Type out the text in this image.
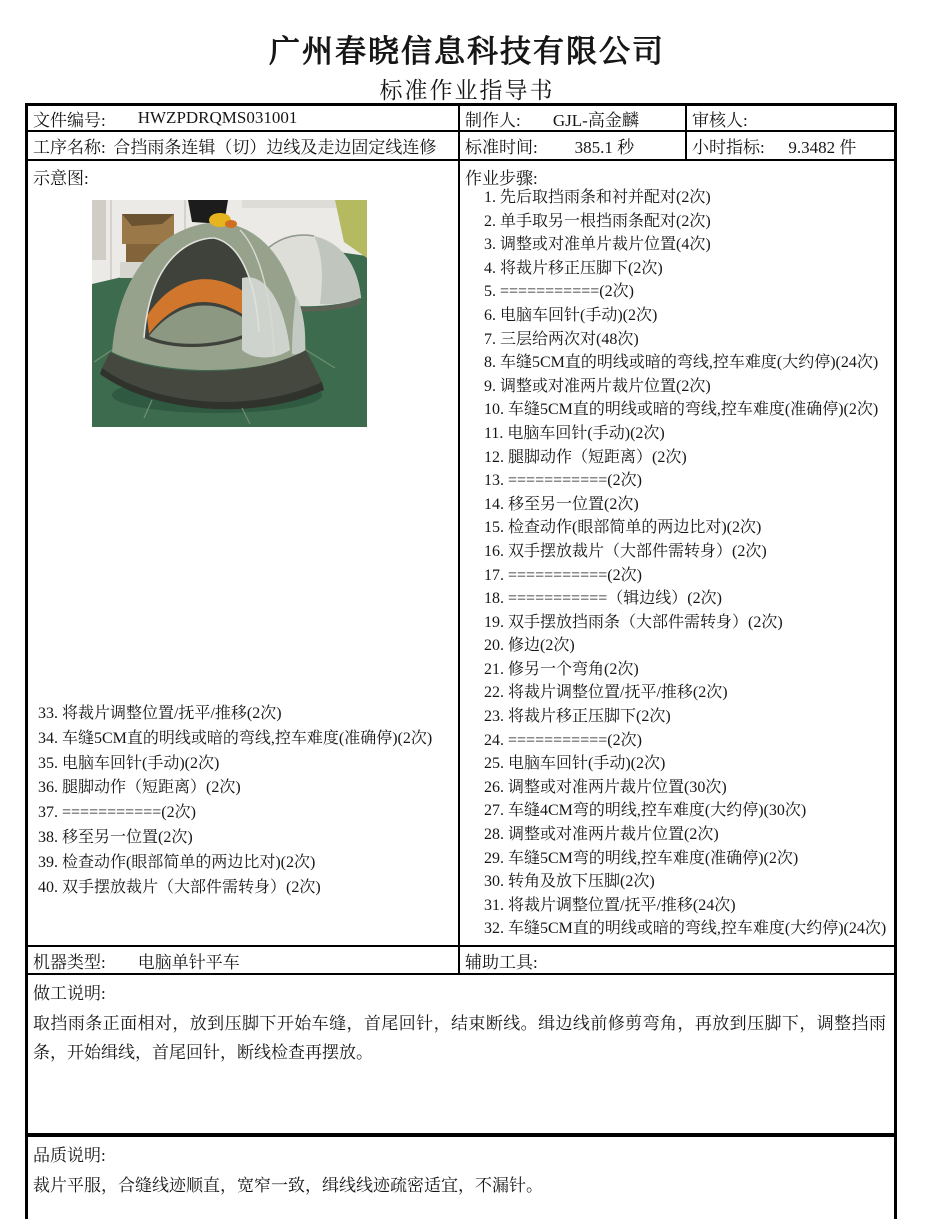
广州春晓信息科技有限公司
标准作业指导书
文件编号:	HWZPDRQMS031001	制作人:	GJL-高金麟	审核人:
工序名称: 合挡雨条连辑（切）边线及走边固定线连修	标准时间:	385.1 秒	小时指标:	9.3482 件
示意图:
33. 将裁片调整位置/抚平/推移(2次)
34. 车缝5CM直的明线或暗的弯线,控车难度(准确停)(2次)
35. 电脑车回针(手动)(2次)
36. 腿脚动作（短距离）(2次)
37. ===========(2次)
38. 移至另一位置(2次)
39. 检查动作(眼部简单的两边比对)(2次)
40. 双手摆放裁片（大部件需转身）(2次)
作业步骤:
1. 先后取挡雨条和衬并配对(2次)
2. 单手取另一根挡雨条配对(2次)
3. 调整或对准单片裁片位置(4次)
4. 将裁片移正压脚下(2次)
5. ===========(2次)
6. 电脑车回针(手动)(2次)
7. 三层给两次对(48次)
8. 车缝5CM直的明线或暗的弯线,控车难度(大约停)(24次)
9. 调整或对准两片裁片位置(2次)
10. 车缝5CM直的明线或暗的弯线,控车难度(准确停)(2次)
11. 电脑车回针(手动)(2次)
12. 腿脚动作（短距离）(2次)
13. ===========(2次)
14. 移至另一位置(2次)
15. 检查动作(眼部简单的两边比对)(2次)
16. 双手摆放裁片（大部件需转身）(2次)
17. ===========(2次)
18. ===========（辑边线）(2次)
19. 双手摆放挡雨条（大部件需转身）(2次)
20. 修边(2次)
21. 修另一个弯角(2次)
22. 将裁片调整位置/抚平/推移(2次)
23. 将裁片移正压脚下(2次)
24. ===========(2次)
25. 电脑车回针(手动)(2次)
26. 调整或对准两片裁片位置(30次)
27. 车缝4CM弯的明线,控车难度(大约停)(30次)
28. 调整或对准两片裁片位置(2次)
29. 车缝5CM弯的明线,控车难度(准确停)(2次)
30. 转角及放下压脚(2次)
31. 将裁片调整位置/抚平/推移(24次)
32. 车缝5CM直的明线或暗的弯线,控车难度(大约停)(24次)
机器类型:	电脑单针平车	辅助工具:
做工说明:
取挡雨条正面相对，放到压脚下开始车缝，首尾回针，结束断线。缉边线前修剪弯角，再放到压脚下，调整挡雨条，开始缉线，首尾回针，断线检查再摆放。
品质说明:
裁片平服，合缝线迹顺直，宽窄一致，缉线线迹疏密适宜，不漏针。
